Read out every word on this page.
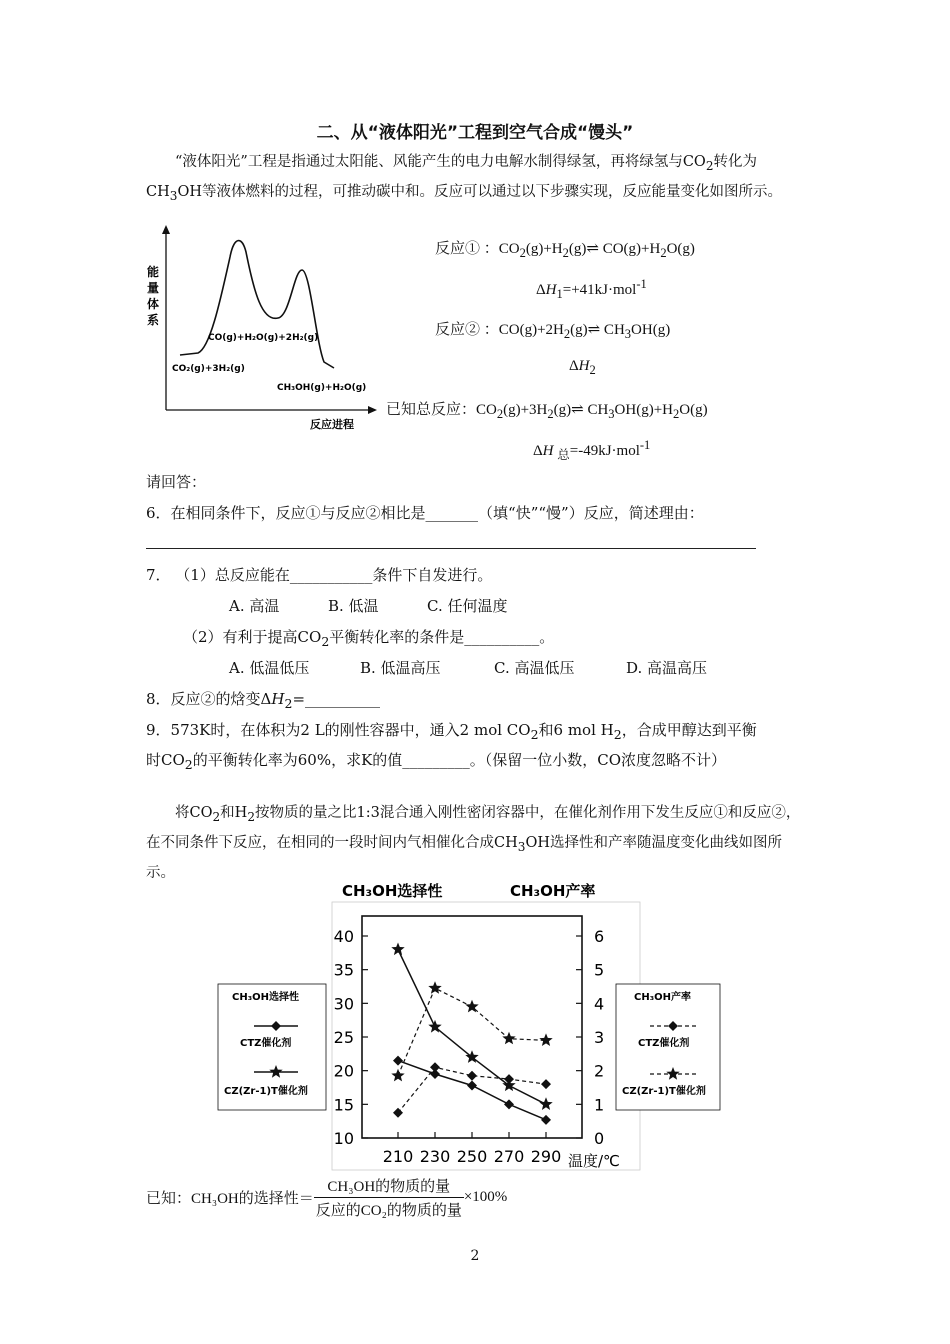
二、从“液体阳光”工程到空气合成“馒头”
“液体阳光”工程是指通过太阳能、风能产生的电力电解水制得绿氢，再将绿氢与$CO_2$转化为$CH_3OH$等液体燃料的过程，可推动碳中和。反应可以通过以下步骤实现，反应能量变化如图所示。
能
量
体
系
CO(g)+H₂O(g)+2H₂(g)
CO₂(g)+3H₂(g)
CH₃OH(g)+H₂O(g)
反应进程
反应① ：$CO_2(g)+H_2(g)\rightleftharpoons$ $CO(g)+H_2O(g)$
$\Delta H_1=+41kJ\cdot mol^{-1}$
反应② ：$CO(g)+2H_2(g)\rightleftharpoons$ $CH_3OH(g)$
$\Delta H_2$
已知总反应：$CO_2(g)+3H_2(g)\rightleftharpoons$ $CH_3OH(g)+H_2O(g)$
ΔH $_总$=-49kJ·mol$^{-1}$
请回答：
6．在相同条件下，反应①与反应②相比是_______（填“快”“慢”）反应，简述理由：
7． （1）总反应能在___________条件下自发进行。
A. 高温	B. 低温	C. 任何温度
（2）有利于提高$CO_2$平衡转化率的条件是__________。
A. 低温低压	B. 低温高压	C. 高温低压	D. 高温高压
8．反应②的焓变$\Delta H_2=\_\_\_\_\_\_\_\_\_\_$
9．573K时，在体积为2 L的刚性容器中，通入2 mol $CO_2$和6 mol $H_2$，合成甲醇达到平衡
时$CO_2$的平衡转化率为60%，求K的值_________。（保留一位小数，CO浓度忽略不计）
将$CO_2$和$H_2$按物质的量之比1:3混合通入刚性密闭容器中，在催化剂作用下发生反应①和反应②，在不同条件下反应，在相同的一段时间内气相催化合成$CH_3OH$选择性和产率随温度变化曲线如图所示。
CH₃OH选择性	CH₃OH产率
10
15
20
25
30
35
40
0
1
2
3
4
5
6
210 230 250 270 290 温度/℃
CH₃OH选择性
CTZ催化剂
CZ(Zr-1)T催化剂
CH₃OH产率
CTZ催化剂
CZ(Zr-1)T催化剂
已知：CH₃OH的选择性＝ $\frac{\text{CH₃OH的物质的量}}{\text{反应的CO₂的物质的量}} \times 100\%$
2
